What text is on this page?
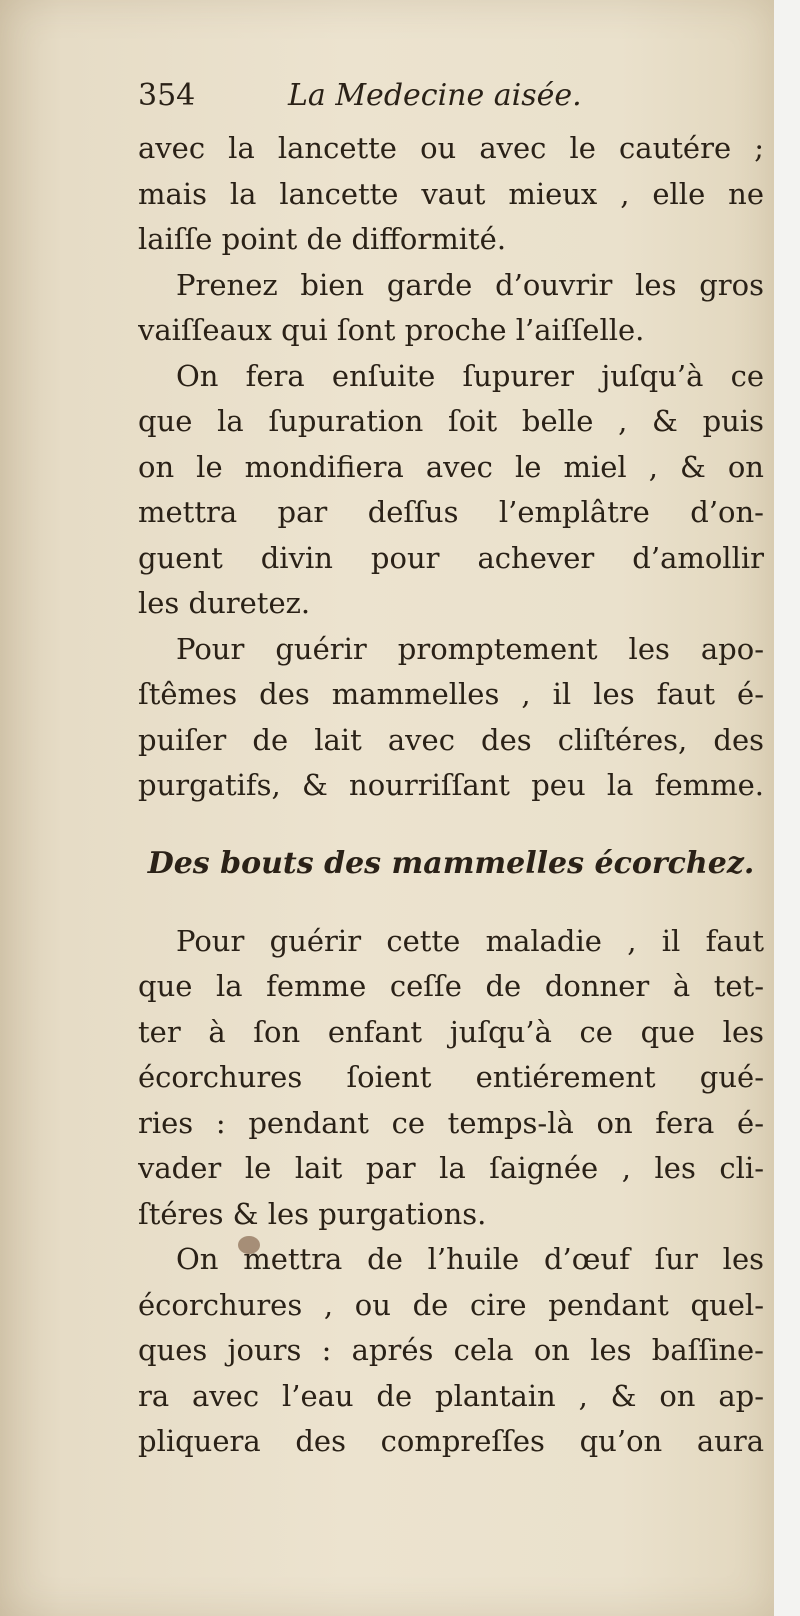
354	La Medecine aisée.
avec la lancette ou avec le cautére ;
mais la lancette vaut mieux , elle ne
laiſſe point de difformité.
Prenez bien garde d’ouvrir les gros
vaiſſeaux qui ſont proche l’aiſſelle.
On fera enſuite ſupurer juſqu’à ce
que la ſupuration ſoit belle , & puis
on le mondifiera avec le miel , & on
mettra par deſſus l’emplâtre d’on-
guent divin pour achever d’amollir
les duretez.
Pour guérir promptement les apo-
ſtêmes des mammelles , il les faut é-
puiſer de lait avec des cliſtéres, des
purgatifs, & nourriſſant peu la femme.
Des bouts des mammelles écorchez.
Pour guérir cette maladie , il faut
que la femme ceſſe de donner à tet-
ter à ſon enfant juſqu’à ce que les
écorchures ſoient entiérement gué-
ries : pendant ce temps-là on fera é-
vader le lait par la ſaignée , les cli-
ſtéres & les purgations.
On mettra de l’huile d’œuf ſur les
écorchures , ou de cire pendant quel-
ques jours : aprés cela on les baſſine-
ra avec l’eau de plantain , & on ap-
pliquera des compreſſes qu’on aura
